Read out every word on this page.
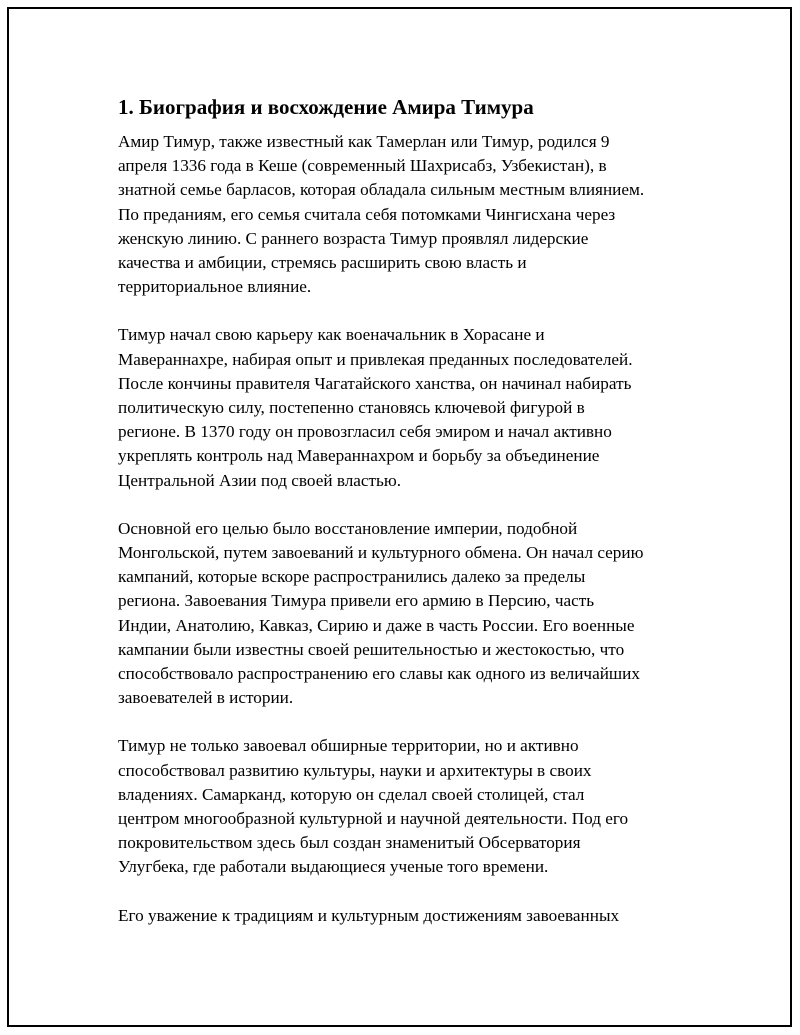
1. Биография и восхождение Амира Тимура

Амир Тимур, также известный как Тамерлан или Тимур, родился 9
апреля 1336 года в Кеше (современный Шахрисабз, Узбекистан), в
знатной семье барласов, которая обладала сильным местным влиянием.
По преданиям, его семья считала себя потомками Чингисхана через
женскую линию. С раннего возраста Тимур проявлял лидерские
качества и амбиции, стремясь расширить свою власть и
территориальное влияние.

Тимур начал свою карьеру как военачальник в Хорасане и
Мавераннахре, набирая опыт и привлекая преданных последователей.
После кончины правителя Чагатайского ханства, он начинал набирать
политическую силу, постепенно становясь ключевой фигурой в
регионе. В 1370 году он провозгласил себя эмиром и начал активно
укреплять контроль над Мавераннахром и борьбу за объединение
Центральной Азии под своей властью.

Основной его целью было восстановление империи, подобной
Монгольской, путем завоеваний и культурного обмена. Он начал серию
кампаний, которые вскоре распространились далеко за пределы
региона. Завоевания Тимура привели его армию в Персию, часть
Индии, Анатолию, Кавказ, Сирию и даже в часть России. Его военные
кампании были известны своей решительностью и жестокостью, что
способствовало распространению его славы как одного из величайших
завоевателей в истории.

Тимур не только завоевал обширные территории, но и активно
способствовал развитию культуры, науки и архитектуры в своих
владениях. Самарканд, которую он сделал своей столицей, стал
центром многообразной культурной и научной деятельности. Под его
покровительством здесь был создан знаменитый Обсерватория
Улугбека, где работали выдающиеся ученые того времени.

Его уважение к традициям и культурным достижениям завоеванных
